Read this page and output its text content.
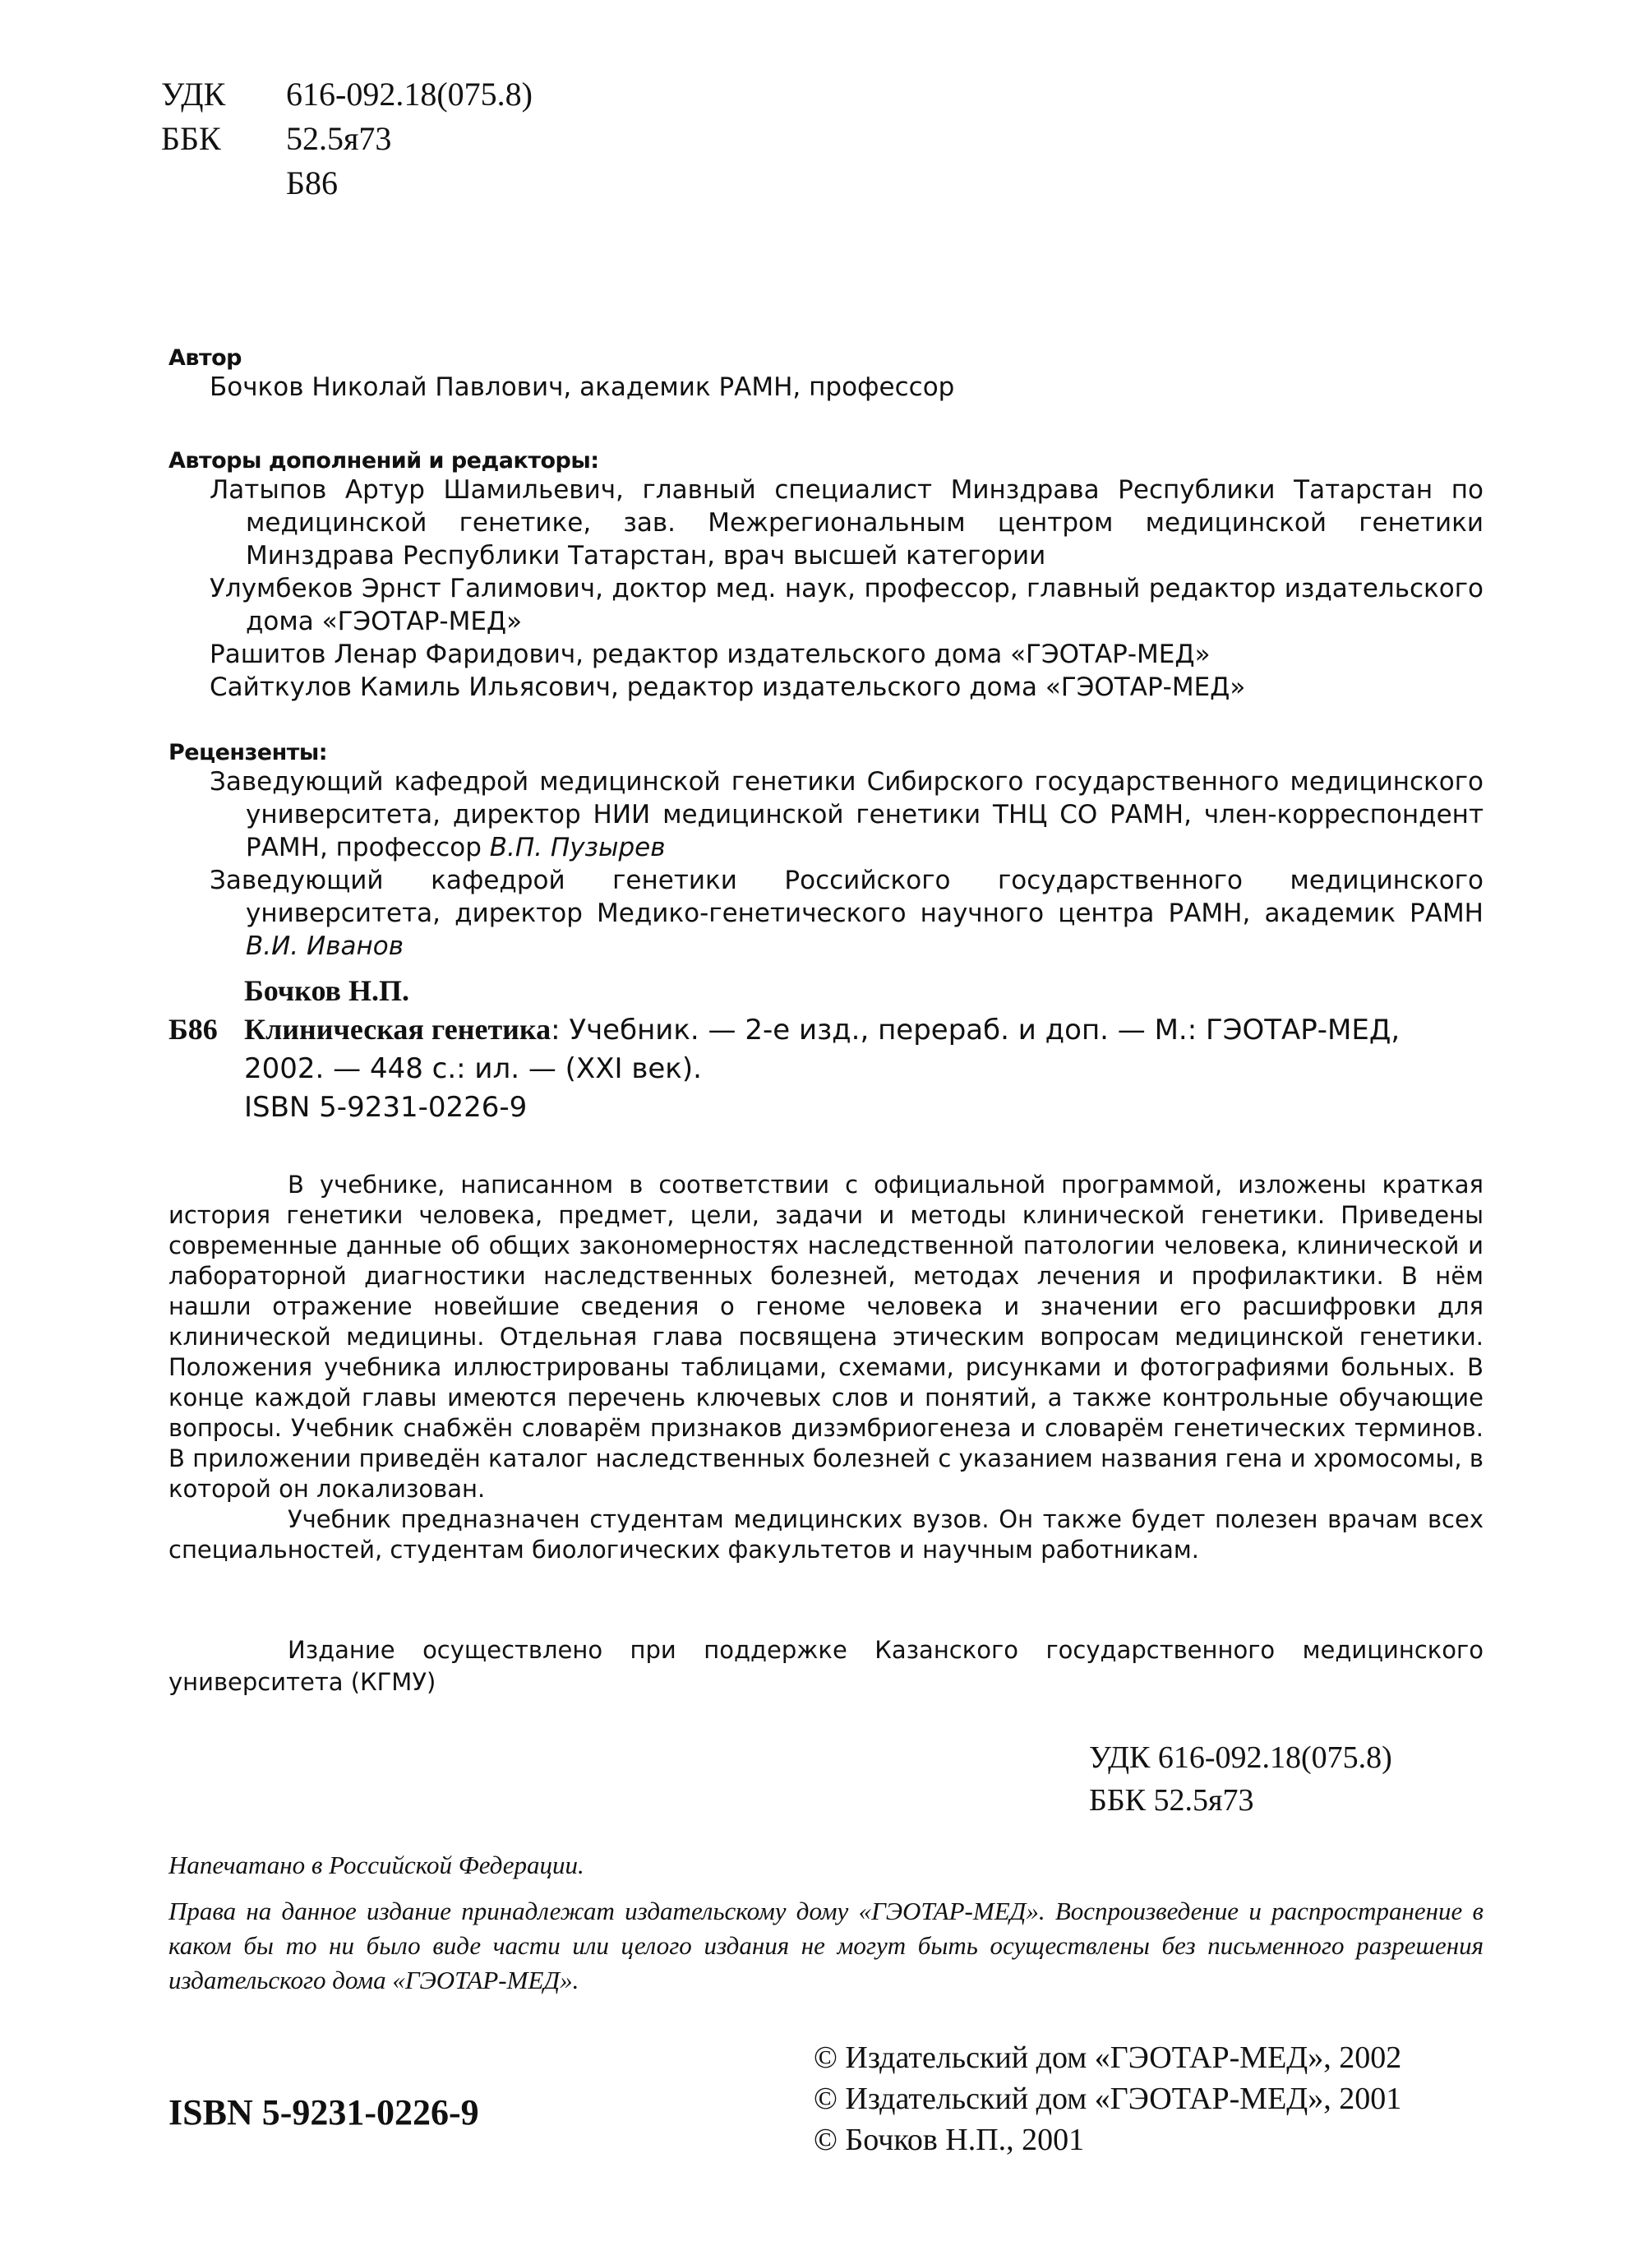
УДК	616-092.18(075.8)
ББК	52.5я73
Б86
Автор
Бочков Николай Павлович, академик РАМН, профессор
Авторы дополнений и редакторы:
Латыпов Артур Шамильевич, главный специалист Минздрава Республики Татарстан по медицинской генетике, зав. Межрегиональным центром медицинской генетики Минздрава Республики Татарстан, врач высшей категории
Улумбеков Эрнст Галимович, доктор мед. наук, профессор, главный редактор издательского дома «ГЭОТАР-МЕД»
Рашитов Ленар Фаридович, редактор издательского дома «ГЭОТАР-МЕД»
Сайткулов Камиль Ильясович, редактор издательского дома «ГЭОТАР-МЕД»
Рецензенты:
Заведующий кафедрой медицинской генетики Сибирского государственного медицинского университета, директор НИИ медицинской генетики ТНЦ СО РАМН, член-корреспондент РАМН, профессор В.П. Пузырев
Заведующий кафедрой генетики Российского государственного медицинского университета, директор Медико-генетического научного центра РАМН, академик РАМН В.И. Иванов
Бочков Н.П.
Б86 Клиническая генетика: Учебник. — 2-е изд., перераб. и доп. — М.: ГЭОТАР-МЕД,
2002. — 448 с.: ил. — (XXI век).
ISBN 5-9231-0226-9

В учебнике, написанном в соответствии с официальной программой, изложены краткая история генетики человека, предмет, цели, задачи и методы клинической генетики. Приведены современные данные об общих закономерностях наследственной патологии человека, клинической и лабораторной диагностики наследственных болезней, методах лечения и профилактики. В нём нашли отражение новейшие сведения о геноме человека и значении его расшифровки для клинической медицины. Отдельная глава посвящена этическим вопросам медицинской генетики. Положения учебника иллюстрированы таблицами, схемами, рисунками и фотографиями больных. В конце каждой главы имеются перечень ключевых слов и понятий, а также контрольные обучающие вопросы. Учебник снабжён словарём признаков дизэмбриогенеза и словарём генетических терминов. В приложении приведён каталог наследственных болезней с указанием названия гена и хромосомы, в которой он локализован.

Учебник предназначен студентам медицинских вузов. Он также будет полезен врачам всех специальностей, студентам биологических факультетов и научным работникам.

Издание осуществлено при поддержке Казанского государственного медицинского университета (КГМУ)
УДК 616-092.18(075.8)
ББК 52.5я73

Напечатано в Российской Федерации.

Права на данное издание принадлежат издательскому дому «ГЭОТАР-МЕД». Воспроизведение и распространение в каком бы то ни было виде части или целого издания не могут быть осуществлены без письменного разрешения издательского дома «ГЭОТАР-МЕД».

© Издательский дом «ГЭОТАР-МЕД», 2002
© Издательский дом «ГЭОТАР-МЕД», 2001
© Бочков Н.П., 2001
ISBN 5-9231-0226-9
